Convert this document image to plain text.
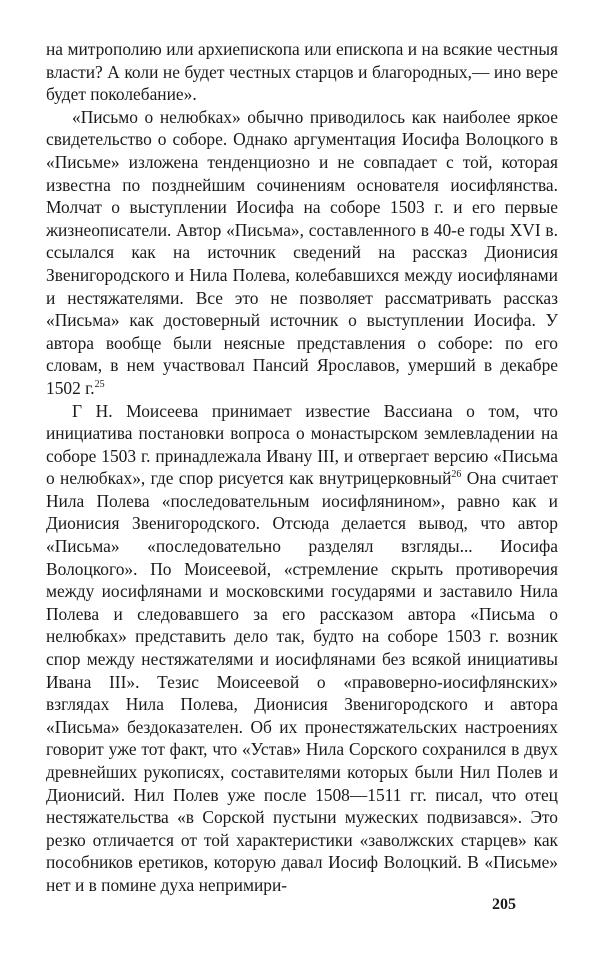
на митрополию или архиепископа или епископа и на всякие честныя власти? А коли не будет честных старцов и благородных,— ино вере будет поколебание».

«Письмо о нелюбках» обычно приводилось как наиболее яркое свидетельство о соборе. Однако аргументация Иосифа Волоцкого в «Письме» изложена тенденциозно и не совпадает с той, которая известна по позднейшим сочинениям основателя иосифлянства. Молчат о выступлении Иосифа на соборе 1503 г. и его первые жизнеописатели. Автор «Письма», составленного в 40-е годы XVI в. ссылался как на источник сведений на рассказ Дионисия Звенигородского и Нила Полева, колебавшихся между иосифлянами и нестяжателями. Все это не позволяет рассматривать рассказ «Письма» как достоверный источник о выступлении Иосифа. У автора вообще были неясные представления о соборе: по его словам, в нем участвовал Пансий Ярославов, умерший в декабре 1502 г.$^{25}$

Г Н. Моисеева принимает известие Вассиана о том, что инициатива постановки вопроса о монастырском землевладении на соборе 1503 г. принадлежала Ивану III, и отвергает версию «Письма о нелюбках», где спор рисуется как внутрицерковный$^{26}$ Она считает Нила Полева «последовательным иосифлянином», равно как и Дионисия Звенигородского. Отсюда делается вывод, что автор «Письма» «последовательно разделял взгляды... Иосифа Волоцкого». По Моисеевой, «стремление скрыть противоречия между иосифлянами и московскими государями и заставило Нила Полева и следовавшего за его рассказом автора «Письма о нелюбках» представить дело так, будто на соборе 1503 г. возник спор между нестяжателями и иосифлянами без всякой инициативы Ивана III». Тезис Моисеевой о «правоверно-иосифлянских» взглядах Нила Полева, Дионисия Звенигородского и автора «Письма» бездоказателен. Об их пронестяжательских настроениях говорит уже тот факт, что «Устав» Нила Сорского сохранился в двух древнейших рукописях, составителями которых были Нил Полев и Дионисий. Нил Полев уже после 1508—1511 гг. писал, что отец нестяжательства «в Сорской пустыни мужеских подвизався». Это резко отличается от той характеристики «заволжских старцев» как пособников еретиков, которую давал Иосиф Волоцкий. В «Письме» нет и в помине духа непримири-

205
